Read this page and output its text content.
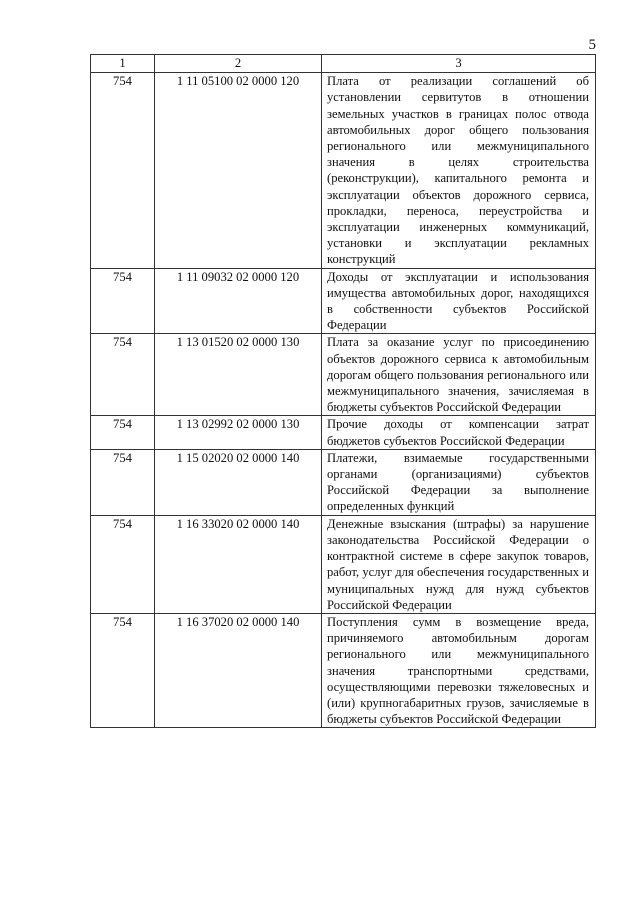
5
1	2	3
754	1 11 05100 02 0000 120	Плата от реализации соглашений об установлении сервитутов в отношении земельных участков в границах полос отвода автомобильных дорог общего пользования регионального или межмуниципального значения в целях строительства (реконструкции), капитального ремонта и эксплуатации объектов дорожного сервиса, прокладки, переноса, переустройства и эксплуатации инженерных коммуникаций, установки и эксплуатации рекламных конструкций
754	1 11 09032 02 0000 120	Доходы от эксплуатации и использования имущества автомобильных дорог, находящихся в собственности субъектов Российской Федерации
754	1 13 01520 02 0000 130	Плата за оказание услуг по присоединению объектов дорожного сервиса к автомобильным дорогам общего пользования регионального или межмуниципального значения, зачисляемая в бюджеты субъектов Российской Федерации
754	1 13 02992 02 0000 130	Прочие доходы от компенсации затрат бюджетов субъектов Российской Федерации
754	1 15 02020 02 0000 140	Платежи, взимаемые государственными органами (организациями) субъектов Российской Федерации за выполнение определенных функций
754	1 16 33020 02 0000 140	Денежные взыскания (штрафы) за нарушение законодательства Российской Федерации о контрактной системе в сфере закупок товаров, работ, услуг для обеспечения государственных и муниципальных нужд для нужд субъектов Российской Федерации
754	1 16 37020 02 0000 140	Поступления сумм в возмещение вреда, причиняемого автомобильным дорогам регионального или межмуниципального значения транспортными средствами, осуществляющими перевозки тяжеловесных и (или) крупногабаритных грузов, зачисляемые в бюджеты субъектов Российской Федерации
